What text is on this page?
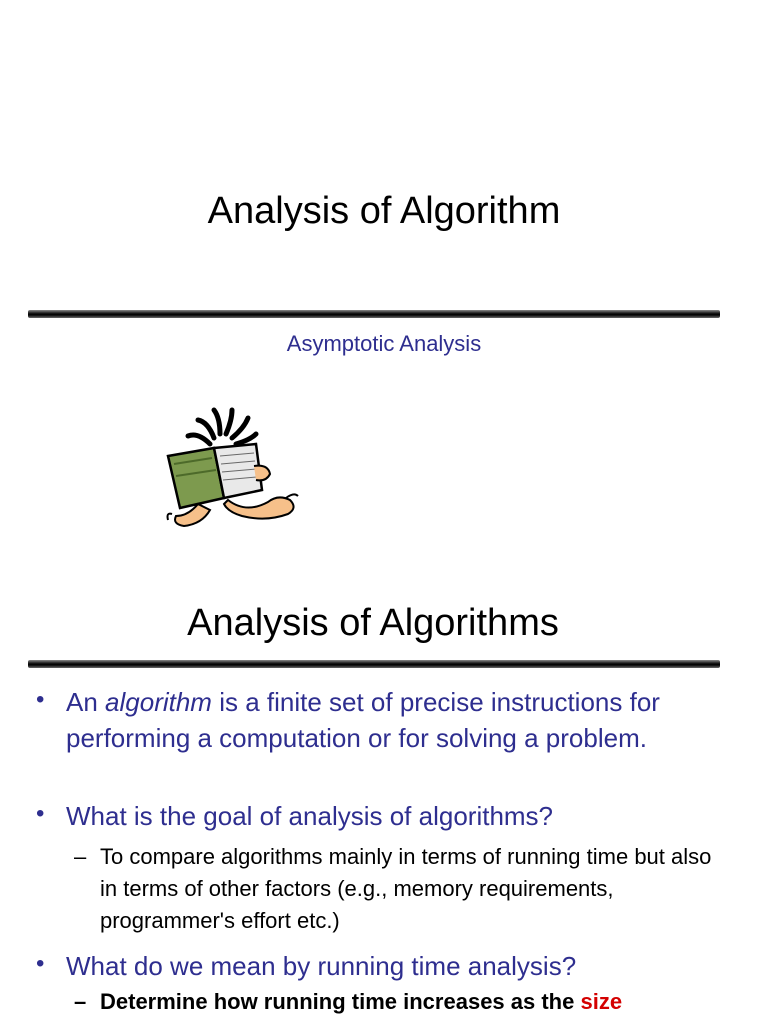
Analysis of Algorithm
Asymptotic Analysis
Analysis of Algorithms
• An algorithm is a finite set of precise instructions for performing a computation or for solving a problem.
• What is the goal of analysis of algorithms?
– To compare algorithms mainly in terms of running time but also in terms of other factors (e.g., memory requirements, programmer's effort etc.)
• What do we mean by running time analysis?
– Determine how running time increases as the size
